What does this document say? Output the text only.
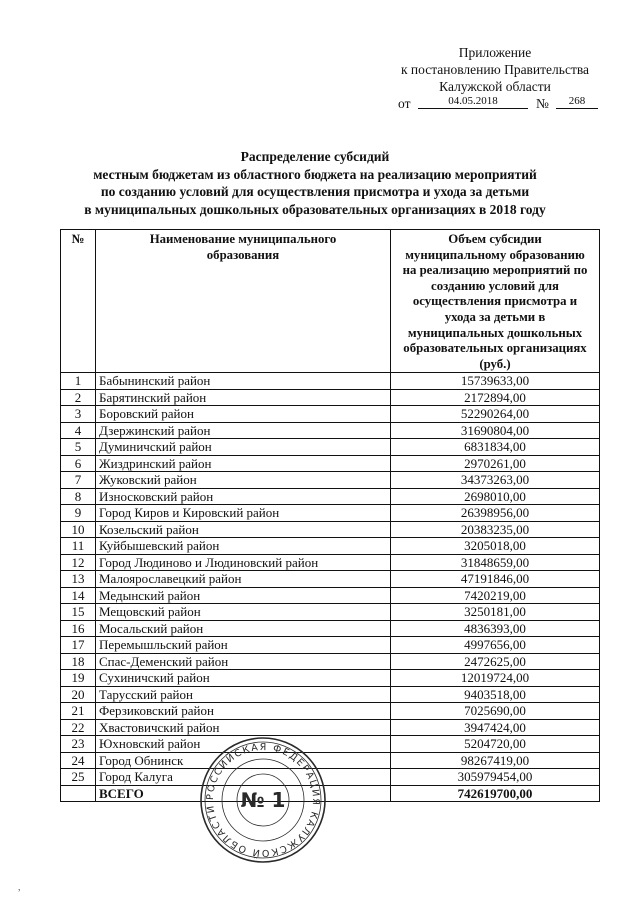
Приложение
к постановлению Правительства
Калужской области
от	04.05.2018	№	268
Распределение субсидий
местным бюджетам из областного бюджета на реализацию мероприятий
по созданию условий для осуществления присмотра и ухода за детьми
в муниципальных дошкольных образовательных организациях в 2018 году
№	Наименование муниципального образования	Объем субсидии муниципальному образованию на реализацию мероприятий по созданию условий для осуществления присмотра и ухода за детьми в муниципальных дошкольных образовательных организациях (руб.)
1	Бабынинский район	15739633,00
2	Барятинский район	2172894,00
3	Боровский район	52290264,00
4	Дзержинский район	31690804,00
5	Думиничский район	6831834,00
6	Жиздринский район	2970261,00
7	Жуковский район	34373263,00
8	Износковский район	2698010,00
9	Город Киров и Кировский район	26398956,00
10	Козельский район	20383235,00
11	Куйбышевский район	3205018,00
12	Город Людиново и Людиновский район	31848659,00
13	Малоярославецкий район	47191846,00
14	Медынский район	7420219,00
15	Мещовский район	3250181,00
16	Мосальский район	4836393,00
17	Перемышльский район	4997656,00
18	Спас-Деменский район	2472625,00
19	Сухиничский район	12019724,00
20	Тарусский район	9403518,00
21	Ферзиковский район	7025690,00
22	Хвастовичский район	3947424,00
23	Юхновский район	5204720,00
24	Город Обнинск	98267419,00
25	Город Калуга	305979454,00
	ВСЕГО	742619700,00
РОССИЙСКАЯ ФЕДЕРАЦИЯ КАЛУЖСКОЙ ОБЛАСТИ	№ 1
,
